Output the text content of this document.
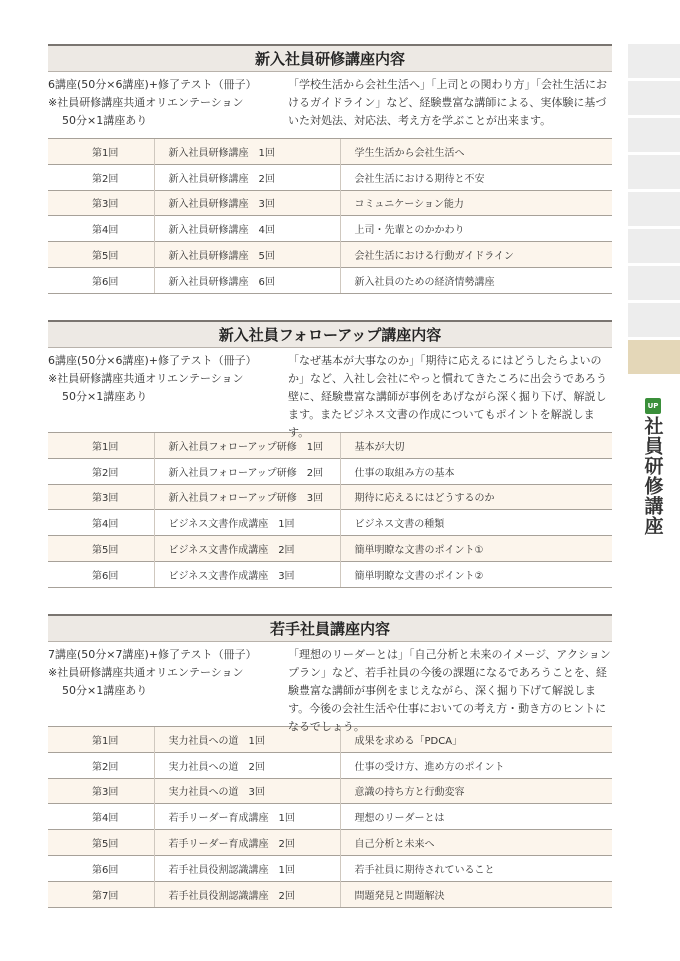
新入社員研修講座内容
6講座(50分×6講座)+修了テスト（冊子）
※社員研修講座共通オリエンテーション
50分×1講座あり
「学校生活から会社生活へ」「上司との関わり方」「会社生活におけるガイドライン」など、経験豊富な講師による、実体験に基づいた対処法、対応法、考え方を学ぶことが出来ます。
第1回	新入社員研修講座　1回	学生生活から会社生活へ
第2回	新入社員研修講座　2回	会社生活における期待と不安
第3回	新入社員研修講座　3回	コミュニケーション能力
第4回	新入社員研修講座　4回	上司・先輩とのかかわり
第5回	新入社員研修講座　5回	会社生活における行動ガイドライン
第6回	新入社員研修講座　6回	新入社員のための経済情勢講座
新入社員フォローアップ講座内容
6講座(50分×6講座)+修了テスト（冊子）
※社員研修講座共通オリエンテーション
50分×1講座あり
「なぜ基本が大事なのか」「期待に応えるにはどうしたらよいのか」など、入社し会社にやっと慣れてきたころに出会うであろう壁に、経験豊富な講師が事例をあげながら深く掘り下げ、解説します。またビジネス文書の作成についてもポイントを解説します。
第1回	新入社員フォローアップ研修　1回	基本が大切
第2回	新入社員フォローアップ研修　2回	仕事の取組み方の基本
第3回	新入社員フォローアップ研修　3回	期待に応えるにはどうするのか
第4回	ビジネス文書作成講座　1回	ビジネス文書の種類
第5回	ビジネス文書作成講座　2回	簡単明瞭な文書のポイント①
第6回	ビジネス文書作成講座　3回	簡単明瞭な文書のポイント②
若手社員講座内容
7講座(50分×7講座)+修了テスト（冊子）
※社員研修講座共通オリエンテーション
50分×1講座あり
「理想のリーダーとは」「自己分析と未来のイメージ、アクションプラン」など、若手社員の今後の課題になるであろうことを、経験豊富な講師が事例をまじえながら、深く掘り下げて解説します。今後の会社生活や仕事においての考え方・動き方のヒントになるでしょう。
第1回	実力社員への道　1回	成果を求める「PDCA」
第2回	実力社員への道　2回	仕事の受け方、進め方のポイント
第3回	実力社員への道　3回	意識の持ち方と行動変容
第4回	若手リーダー育成講座　1回	理想のリーダーとは
第5回	若手リーダー育成講座　2回	自己分析と未来へ
第6回	若手社員役割認識講座　1回	若手社員に期待されていること
第7回	若手社員役割認識講座　2回	問題発見と問題解決
UP
社員研修講座
